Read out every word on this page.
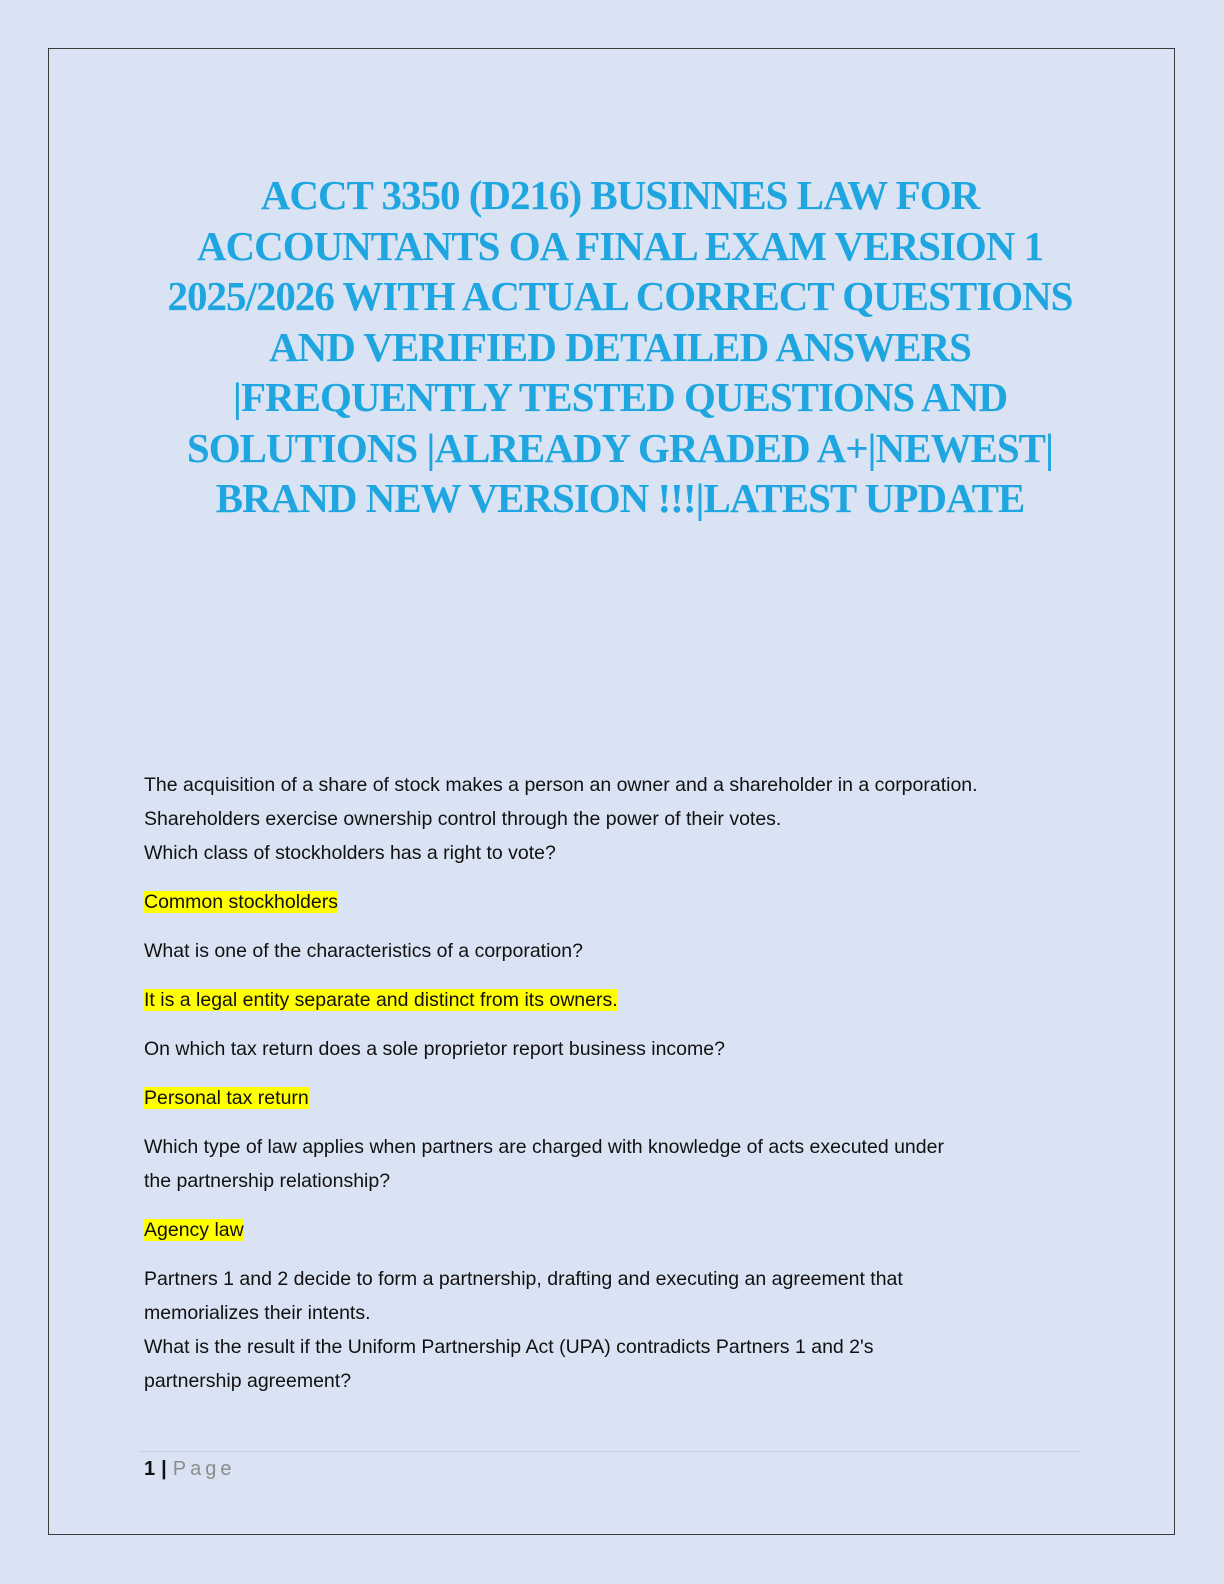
ACCT 3350 (D216) BUSINNES LAW FOR ACCOUNTANTS OA FINAL EXAM VERSION 1 2025/2026 WITH ACTUAL CORRECT QUESTIONS AND VERIFIED DETAILED ANSWERS |FREQUENTLY TESTED QUESTIONS AND SOLUTIONS |ALREADY GRADED A+|NEWEST| BRAND NEW VERSION !!!|LATEST UPDATE

The acquisition of a share of stock makes a person an owner and a shareholder in a corporation.
Shareholders exercise ownership control through the power of their votes.
Which class of stockholders has a right to vote?

Common stockholders

What is one of the characteristics of a corporation?

It is a legal entity separate and distinct from its owners.

On which tax return does a sole proprietor report business income?

Personal tax return

Which type of law applies when partners are charged with knowledge of acts executed under
the partnership relationship?

Agency law

Partners 1 and 2 decide to form a partnership, drafting and executing an agreement that
memorializes their intents.
What is the result if the Uniform Partnership Act (UPA) contradicts Partners 1 and 2's
partnership agreement?

1 | Page
